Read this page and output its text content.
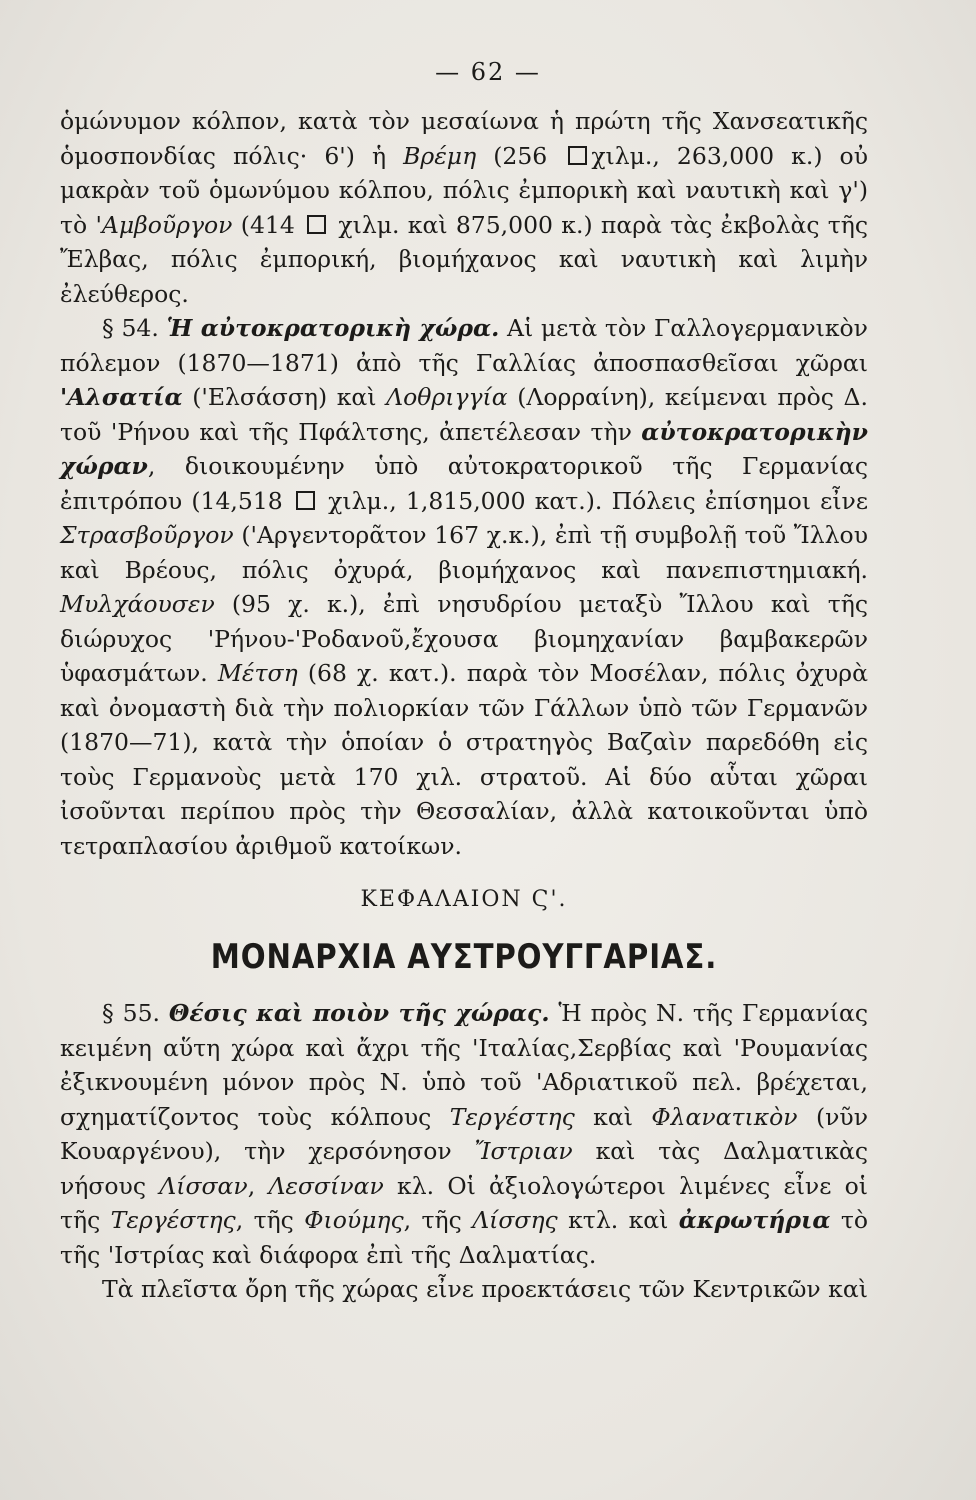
— 62 —

ὁμώνυμον κόλπον, κατὰ τὸν μεσαίωνα ἡ πρώτη τῆς Χανσεατικῆς ὁμοσπονδίας πόλις· 6') ἡ Βρέμη (256 χιλμ., 263,000 κ.) οὐ μακρὰν τοῦ ὁμωνύμου κόλπου, πόλις ἐμπορικὴ καὶ ναυτικὴ καὶ γ') τὸ 'Αμβοῦργον (414  χιλμ. καὶ 875,000 κ.) παρὰ τὰς ἐκβολὰς τῆς Ἔλβας, πόλις ἐμπορική, βιομήχανος καὶ ναυτικὴ καὶ λιμὴν ἐλεύθερος.

§ 54. Ἡ αὐτοκρατορικὴ χώρα. Αἱ μετὰ τὸν Γαλλογερμανικὸν πόλεμον (1870—1871) ἀπὸ τῆς Γαλλίας ἀποσπασθεῖσαι χῶραι 'Αλσατία ('Ελσάσση) καὶ Λοθριγγία (Λορραίνη), κείμεναι πρὸς Δ. τοῦ 'Ρήνου καὶ τῆς Πφάλτσης, ἀπετέλεσαν τὴν αὐτοκρατορικὴν χώραν, διοικουμένην ὑπὸ αὐτοκρατορικοῦ τῆς Γερμανίας ἐπιτρόπου (14,518  χιλμ., 1,815,000 κατ.). Πόλεις ἐπίσημοι εἶνε Στρασβοῦργον ('Αργεντορᾶτον 167 χ.κ.), ἐπὶ τῇ συμβολῇ τοῦ Ἴλλου καὶ Βρέους, πόλις ὀχυρά, βιομήχανος καὶ πανεπιστημιακή. Μυλχάουσεν (95 χ. κ.), ἐπὶ νησυδρίου μεταξὺ Ἴλλου καὶ τῆς διώρυχος 'Ρήνου-'Ροδανοῦ,ἔχουσα βιομηχανίαν βαμβακερῶν ὑφασμάτων. Μέτση (68 χ. κατ.). παρὰ τὸν Μοσέλαν, πόλις ὀχυρὰ καὶ ὀνομαστὴ διὰ τὴν πολιορκίαν τῶν Γάλλων ὑπὸ τῶν Γερμανῶν (1870—71), κατὰ τὴν ὁποίαν ὁ στρατηγὸς Βαζαὶν παρεδόθη εἰς τοὺς Γερμανοὺς μετὰ 170 χιλ. στρατοῦ. Αἱ δύο αὗται χῶραι ἰσοῦνται περίπου πρὸς τὴν Θεσσαλίαν, ἀλλὰ κατοικοῦνται ὑπὸ τετραπλασίου ἀριθμοῦ κατοίκων.

ΚΕΦΑΛΑΙΟΝ Ϛ'.
ΜΟΝΑΡΧΙΑ ΑΥΣΤΡΟΥΓΓΑΡΙΑΣ.

§ 55. Θέσις καὶ ποιὸν τῆς χώρας. Ἡ πρὸς Ν. τῆς Γερμανίας κειμένη αὕτη χώρα καὶ ἄχρι τῆς 'Ιταλίας,Σερβίας καὶ 'Ρουμανίας ἐξικνουμένη μόνον πρὸς Ν. ὑπὸ τοῦ 'Αδριατικοῦ πελ. βρέχεται, σχηματίζοντος τοὺς κόλπους Τεργέστης καὶ Φλανατικὸν (νῦν Κουαργένου), τὴν χερσόνησον Ἴστριαν καὶ τὰς Δαλματικὰς νήσους Λίσσαν, Λεσσίναν κλ. Οἱ ἀξιολογώτεροι λιμένες εἶνε οἱ τῆς Τεργέστης, τῆς Φιούμης, τῆς Λίσσης κτλ. καὶ ἀκρωτήρια τὸ τῆς 'Ιστρίας καὶ διάφορα ἐπὶ τῆς Δαλματίας.

Τὰ πλεῖστα ὄρη τῆς χώρας εἶνε προεκτάσεις τῶν Κεντρικῶν καὶ
